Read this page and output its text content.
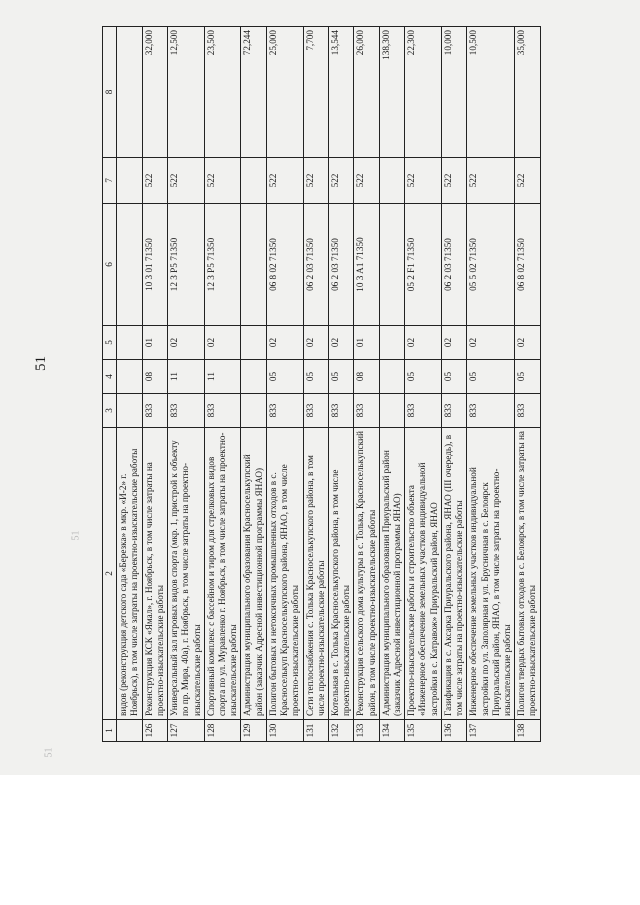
51
51
51
1	2	3	4	5	6	7	8
	видов (реконструкция детского сада «Березка» в мкр. «И-2» г. Ноябрьск), в том числе затраты на проектно-изыскательские работы						
126	Реконструкция КСК «Ямал», г. Ноябрьск, в том числе затраты на проектно-изыскательские работы	833	08	01	10 3 01 71350	522	32,000
127	Универсальный зал игровых видов спорта (мкр. 1, пристрой к объекту по пр. Мира, 40а), г. Ноябрьск, в том числе затраты на проектно-изыскательские работы	833	11	02	12 3 P5 71350	522	12,500
128	Спортивный комплекс с бассейном и тиром для стрелковых видов спорта по ул. Муравленко г. Ноябрьск, в том числе затраты на проектно-изыскательские работы	833	11	02	12 3 P5 71350	522	23,500
129	Администрация муниципального образования Красноселькупский район (заказчик Адресной инвестиционной программы ЯНАО)						72,244
130	Полигон бытовых и нетоксичных промышленных отходов в с. Красноселькуп Красноселькупского района, ЯНАО, в том числе проектно-изыскательские работы	833	05	02	06 8 02 71350	522	25,000
131	Сети теплоснабжения с. Толька Красноселькупского района, в том числе проектно-изыскательские работы	833	05	02	06 2 03 71350	522	7,700
132	Котельная в с. Толька Красноселькупского района, в том числе проектно-изыскательские работы	833	05	02	06 2 03 71350	522	13,544
133	Реконструкция сельского дома культуры в с. Толька, Красноселькупский район, в том числе проектно-изыскательские работы	833	08	01	10 3 A1 71350	522	26,000
134	Администрация муниципального образования Приуральский район (заказчик Адресной инвестиционной программы ЯНАО)						138,300
135	Проектно-изыскательские работы и строительство объекта «Инженерное обеспечение земельных участков индивидуальной застройки в с. Катравож» Приуральский район, ЯНАО	833	05	02	05 2 F1 71350	522	22,300
136	Газификация в с. Аксарка Приуральского района, ЯНАО (III очередь), в том числе затраты на проектно-изыскательские работы	833	05	02	06 2 03 71350	522	10,000
137	Инженерное обеспечение земельных участков индивидуальной застройки по ул. Заполярная и ул. Брусничная в с. Белоярск Приуральский район, ЯНАО, в том числе затраты на проектно-изыскательские работы	833	05	02	05 5 02 71350	522	10,500
138	Полигон твердых бытовых отходов в с. Белоярск, в том числе затраты на проектно-изыскательские работы	833	05	02	06 8 02 71350	522	35,000
